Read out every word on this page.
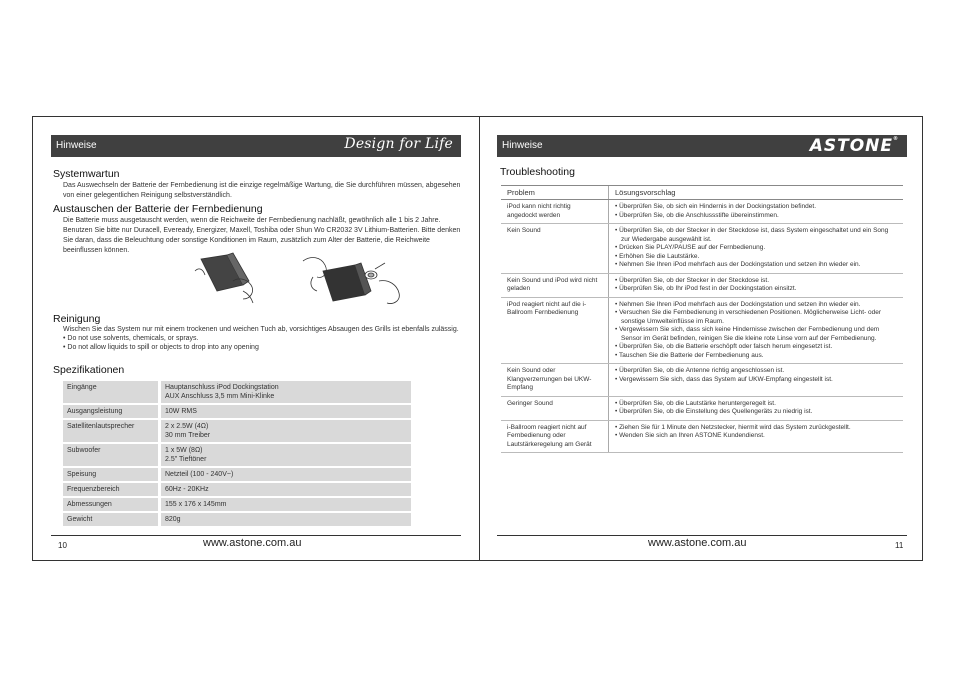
Hinweise	Design for Life
Systemwartun

Das Auswechseln der Batterie der Fernbedienung ist die einzige regelmäßige Wartung, die Sie durchführen müssen, abgesehen von einer gelegentlichen Reinigung selbstverständlich.

Austauschen der Batterie der Fernbedienung

Die Batterie muss ausgetauscht werden, wenn die Reichweite der Fernbedienung nachläßt, gewöhnlich alle 1 bis 2 Jahre. Benutzen Sie bitte nur Duracell, Eveready, Energizer, Maxell, Toshiba oder Shun Wo CR2032 3V Lithium-Batterien. Bitte denken Sie daran, dass die Beleuchtung oder sonstige Konditionen im Raum, zusätzlich zum Alter der Batterie, die Reichweite beeinflussen können.

Reinigung

Wischen Sie das System nur mit einem trockenen und weichen Tuch ab, vorsichtiges Absaugen des Grills ist ebenfalls zulässig.

• Do not use solvents, chemicals, or sprays.

• Do not allow liquids to spill or objects to drop into any opening

Spezifikationen
Eingänge	Hauptanschluss iPod Dockingstation
AUX Anschluss 3,5 mm Mini-Klinke

Ausgangsleistung	10W RMS

Satellitenlautsprecher	2 x 2.5W (4Ω)
30 mm Treiber

Subwoofer	1 x 5W (8Ω)
2.5" Tieftöner

Speisung	Netzteil (100 - 240V~)

Frequenzbereich	60Hz - 20KHz

Abmessungen	155 x 176 x 145mm

Gewicht	820g
10	www.astone.com.au
Hinweise	ASTONE®
Troubleshooting
Problem	Lösungsvorschlag
iPod kann nicht richtig angedockt werden	• Überprüfen Sie, ob sich ein Hindernis in der Dockingstation befindet.
• Überprüfen Sie, ob die Anschlussstifte übereinstimmen.

Kein Sound	• Überprüfen Sie, ob der Stecker in der Steckdose ist, dass System eingeschaltet und ein Song zur Wiedergabe ausgewählt ist.
• Drücken Sie PLAY/PAUSE auf der Fernbedienung.
• Erhöhen Sie die Lautstärke.
• Nehmen Sie Ihren iPod mehrfach aus der Dockingstation und setzen ihn wieder ein.

Kein Sound und iPod wird nicht geladen	• Überprüfen Sie, ob der Stecker in der Steckdose ist.
• Überprüfen Sie, ob Ihr iPod fest in der Dockingstation einsitzt.

iPod reagiert nicht auf die i-Ballroom Fernbedienung	• Nehmen Sie Ihren iPod mehrfach aus der Dockingstation und setzen ihn wieder ein.
• Versuchen Sie die Fernbedienung in verschiedenen Positionen. Möglicherweise Licht- oder sonstige Umwelteinflüsse im Raum.
• Vergewissern Sie sich, dass sich keine Hindernisse zwischen der Fernbedienung und dem Sensor im Gerät befinden, reinigen Sie die kleine rote Linse vorn auf der Fernbedienung.
• Überprüfen Sie, ob die Batterie erschöpft oder falsch herum eingesetzt ist.
• Tauschen Sie die Batterie der Fernbedienung aus.

Kein Sound oder Klangverzerrungen bei UKW-Empfang	• Überprüfen Sie, ob die Antenne richtig angeschlossen ist.
• Vergewissern Sie sich, dass das System auf UKW-Empfang eingestellt ist.

Geringer Sound	• Überprüfen Sie, ob die Lautstärke heruntergeregelt ist.
• Überprüfen Sie, ob die Einstellung des Quellengeräts zu niedrig ist.

i-Ballroom reagiert nicht auf Fernbedienung oder Lautstärkeregelung am Gerät	• Ziehen Sie für 1 Minute den Netzstecker, hiermit wird das System zurückgestellt.
• Wenden Sie sich an Ihren ASTONE Kundendienst.
www.astone.com.au	11
